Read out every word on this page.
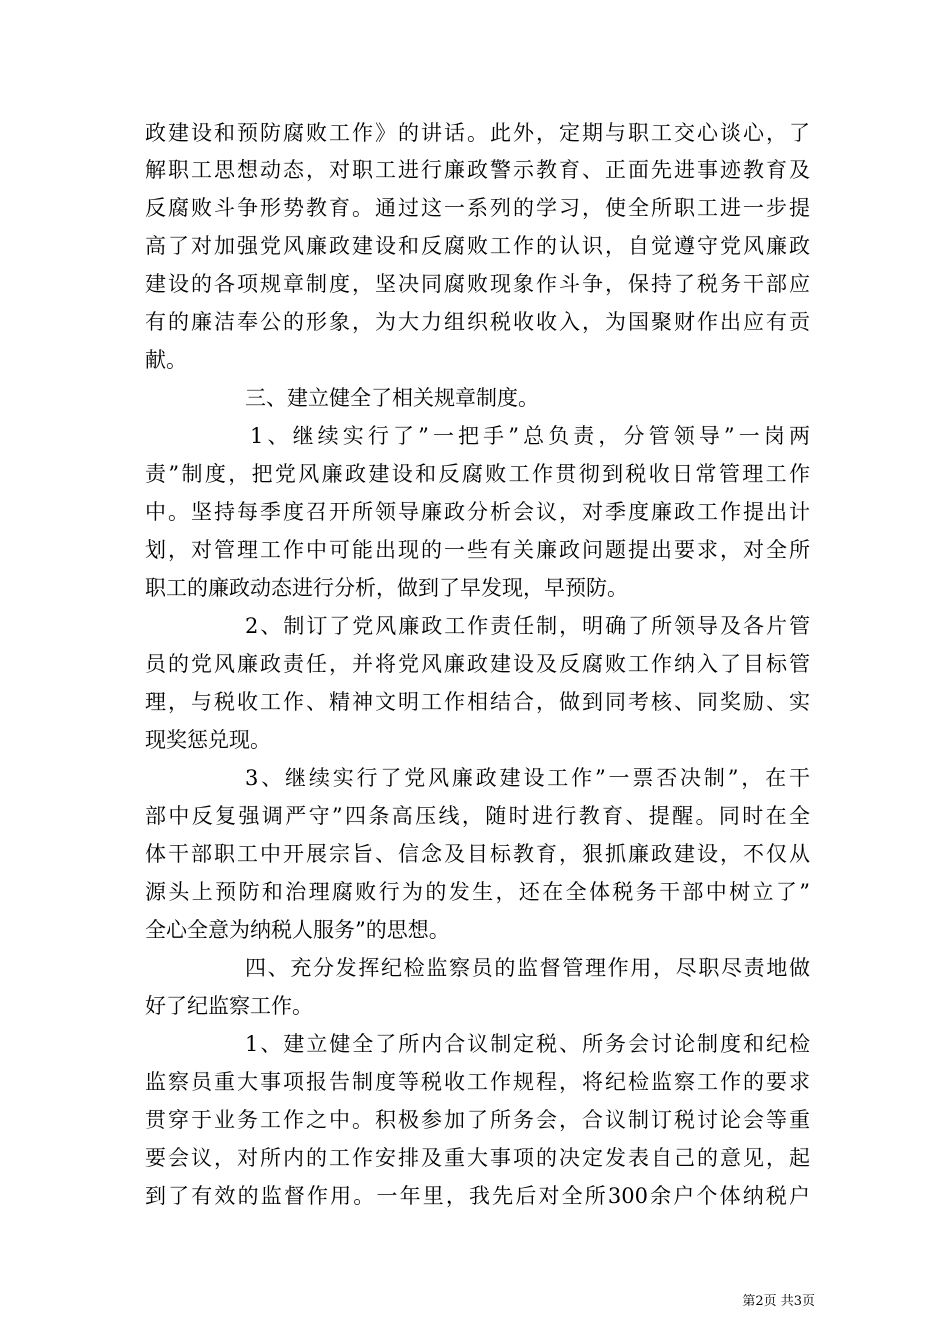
政建设和预防腐败工作》的讲话。此外，定期与职工交心谈心，了
解职工思想动态，对职工进行廉政警示教育、正面先进事迹教育及
反腐败斗争形势教育。通过这一系列的学习，使全所职工进一步提
高了对加强党风廉政建设和反腐败工作的认识，自觉遵守党风廉政
建设的各项规章制度，坚决同腐败现象作斗争，保持了税务干部应
有的廉洁奉公的形象，为大力组织税收收入，为国聚财作出应有贡
献。
三、建立健全了相关规章制度。
1、继续实行了”一把手”总负责，分管领导”一岗两
责”制度，把党风廉政建设和反腐败工作贯彻到税收日常管理工作
中。坚持每季度召开所领导廉政分析会议，对季度廉政工作提出计
划，对管理工作中可能出现的一些有关廉政问题提出要求，对全所
职工的廉政动态进行分析，做到了早发现，早预防。
2、制订了党风廉政工作责任制，明确了所领导及各片管
员的党风廉政责任，并将党风廉政建设及反腐败工作纳入了目标管
理，与税收工作、精神文明工作相结合，做到同考核、同奖励、实
现奖惩兑现。
3、继续实行了党风廉政建设工作”一票否决制”，在干
部中反复强调严守”四条高压线，随时进行教育、提醒。同时在全
体干部职工中开展宗旨、信念及目标教育，狠抓廉政建设，不仅从
源头上预防和治理腐败行为的发生，还在全体税务干部中树立了”
全心全意为纳税人服务”的思想。
四、充分发挥纪检监察员的监督管理作用，尽职尽责地做
好了纪监察工作。
1、建立健全了所内合议制定税、所务会讨论制度和纪检
监察员重大事项报告制度等税收工作规程，将纪检监察工作的要求
贯穿于业务工作之中。积极参加了所务会，合议制订税讨论会等重
要会议，对所内的工作安排及重大事项的决定发表自己的意见，起
到了有效的监督作用。一年里，我先后对全所300余户个体纳税户
第2页 共3页
